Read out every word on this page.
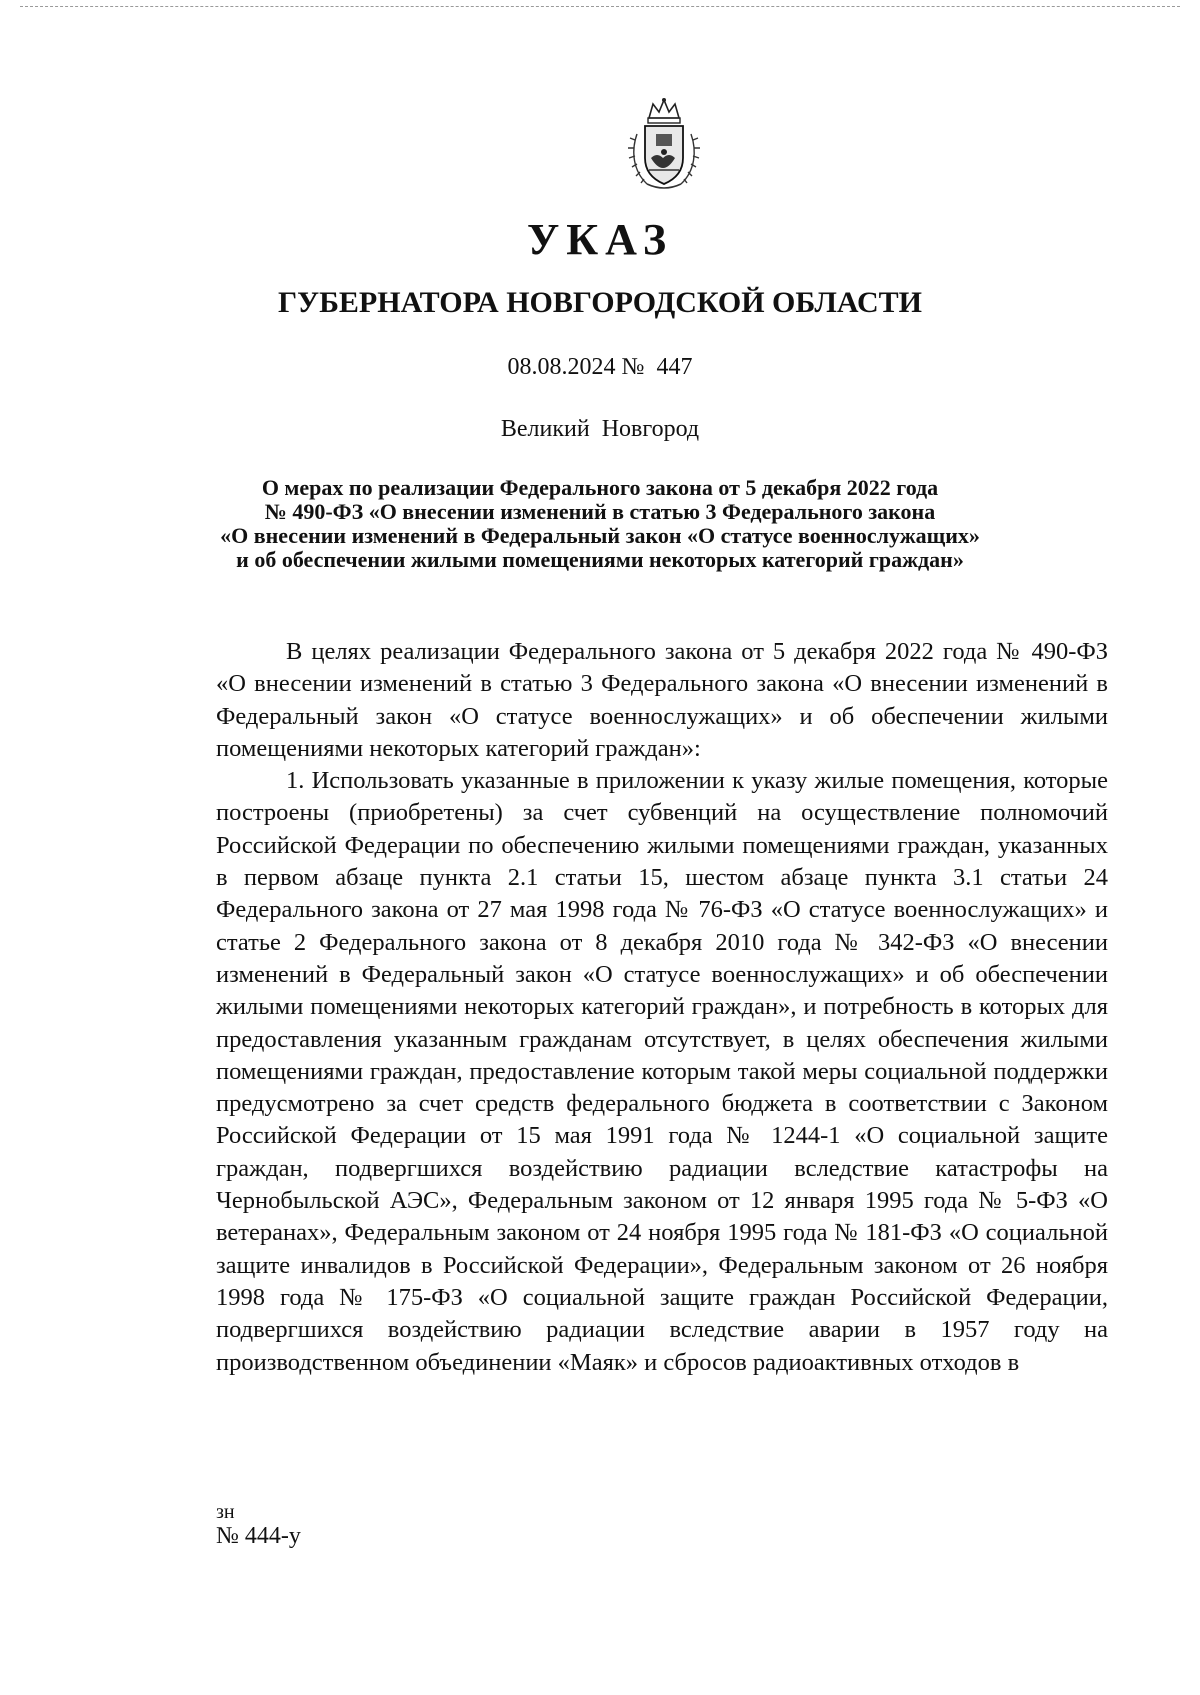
УКАЗ
ГУБЕРНАТОРА НОВГОРОДСКОЙ ОБЛАСТИ
08.08.2024 № 447
Великий Новгород
О мерах по реализации Федерального закона от 5 декабря 2022 года
№ 490-ФЗ «О внесении изменений в статью 3 Федерального закона
«О внесении изменений в Федеральный закон «О статусе военнослужащих»
и об обеспечении жилыми помещениями некоторых категорий граждан»

В целях реализации Федерального закона от 5 декабря 2022 года № 490-ФЗ «О внесении изменений в статью 3 Федерального закона «О внесении изменений в Федеральный закон «О статусе военнослужащих» и об обеспечении жилыми помещениями некоторых категорий граждан»:

1. Использовать указанные в приложении к указу жилые помещения, которые построены (приобретены) за счет субвенций на осуществление полномочий Российской Федерации по обеспечению жилыми помещениями граждан, указанных в первом абзаце пункта 2.1 статьи 15, шестом абзаце пункта 3.1 статьи 24 Федерального закона от 27 мая 1998 года № 76-ФЗ «О статусе военнослужащих» и статье 2 Федерального закона от 8 декабря 2010 года № 342-ФЗ «О внесении изменений в Федеральный закон «О статусе военнослужащих» и об обеспечении жилыми помещениями некоторых категорий граждан», и потребность в которых для предоставления указанным гражданам отсутствует, в целях обеспечения жилыми помещениями граждан, предоставление которым такой меры социальной поддержки предусмотрено за счет средств федерального бюджета в соответствии с Законом Российской Федерации от 15 мая 1991 года № 1244-1 «О социальной защите граждан, подвергшихся воздействию радиации вследствие катастрофы на Чернобыльской АЭС», Федеральным законом от 12 января 1995 года № 5-ФЗ «О ветеранах», Федеральным законом от 24 ноября 1995 года № 181-ФЗ «О социальной защите инвалидов в Российской Федерации», Федеральным законом от 26 ноября 1998 года № 175-ФЗ «О социальной защите граждан Российской Федерации, подвергшихся воздействию радиации вследствие аварии в 1957 году на производственном объединении «Маяк» и сбросов радиоактивных отходов в

зн
№ 444-у
